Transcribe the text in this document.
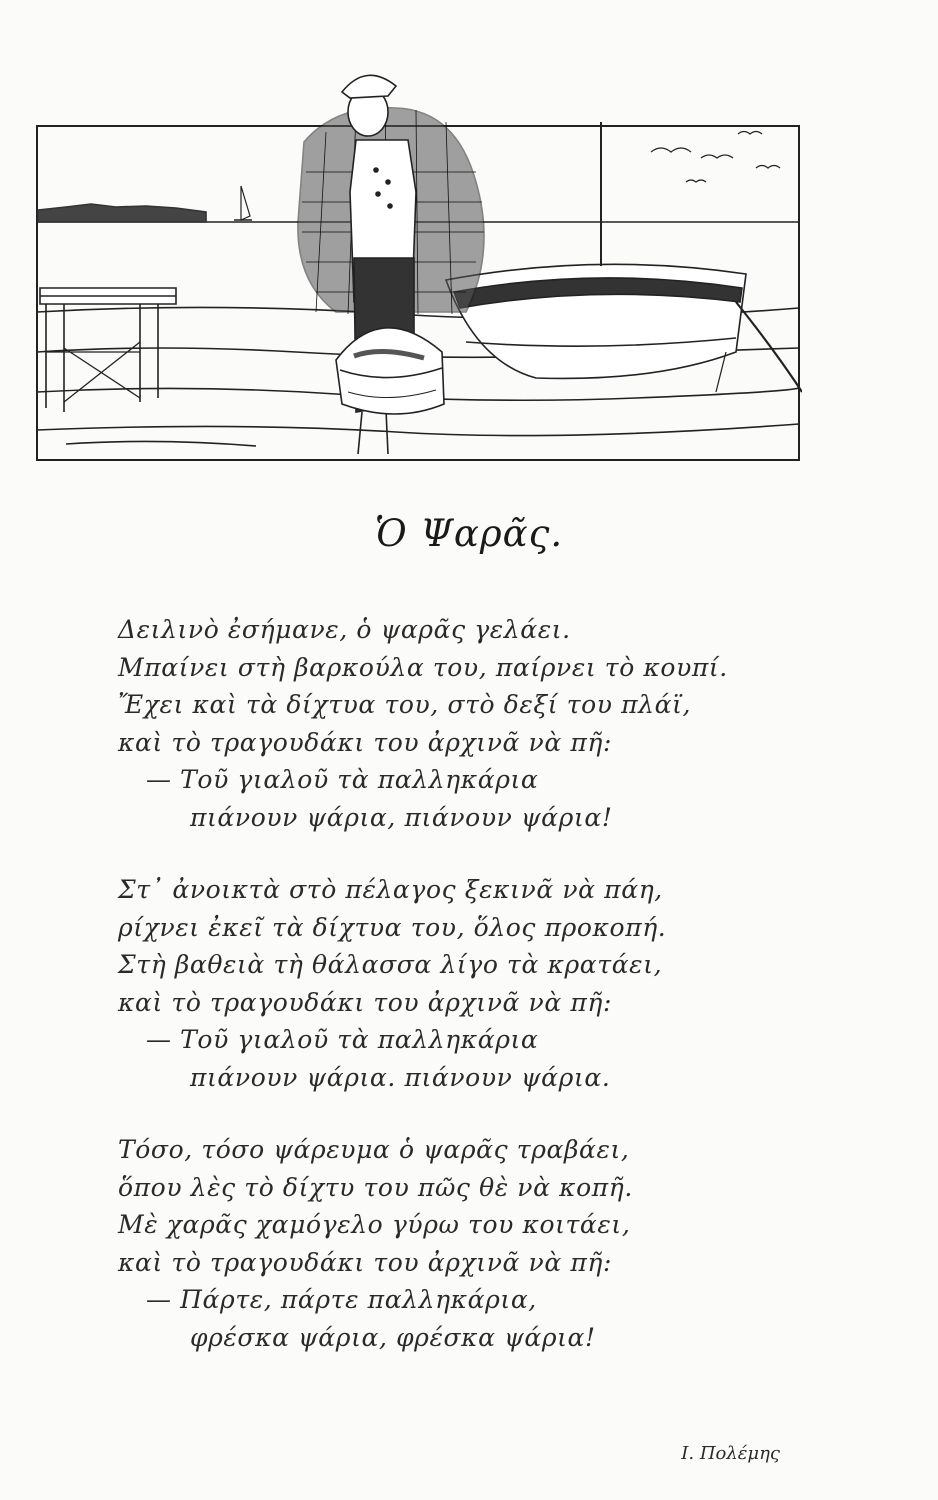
Ὁ Ψαρᾶς.
Δειλινὸ ἐσήμανε, ὁ ψαρᾶς γελάει.
Μπαίνει στὴ βαρκούλα του, παίρνει τὸ κουπί.
Ἔχει καὶ τὰ δίχτυα του, στὸ δεξί του πλάϊ,
καὶ τὸ τραγουδάκι του ἀρχινᾶ νὰ πῆ:
— Τοῦ γιαλοῦ τὰ παλληκάρια
πιάνουν ψάρια, πιάνουν ψάρια!
Στ᾽ ἀνοικτὰ στὸ πέλαγος ξεκινᾶ νὰ πάη,
ρίχνει ἐκεῖ τὰ δίχτυα του, ὅλος προκοπή.
Στὴ βαθειὰ τὴ θάλασσα λίγο τὰ κρατάει,
καὶ τὸ τραγουδάκι του ἀρχινᾶ νὰ πῆ:
— Τοῦ γιαλοῦ τὰ παλληκάρια
πιάνουν ψάρια. πιάνουν ψάρια.
Τόσο, τόσο ψάρευμα ὁ ψαρᾶς τραβάει,
ὅπου λὲς τὸ δίχτυ του πῶς θὲ νὰ κοπῆ.
Μὲ χαρᾶς χαμόγελο γύρω του κοιτάει,
καὶ τὸ τραγουδάκι του ἀρχινᾶ νὰ πῆ:
— Πάρτε, πάρτε παλληκάρια,
φρέσκα ψάρια, φρέσκα ψάρια!
Ι. Πολέμης
